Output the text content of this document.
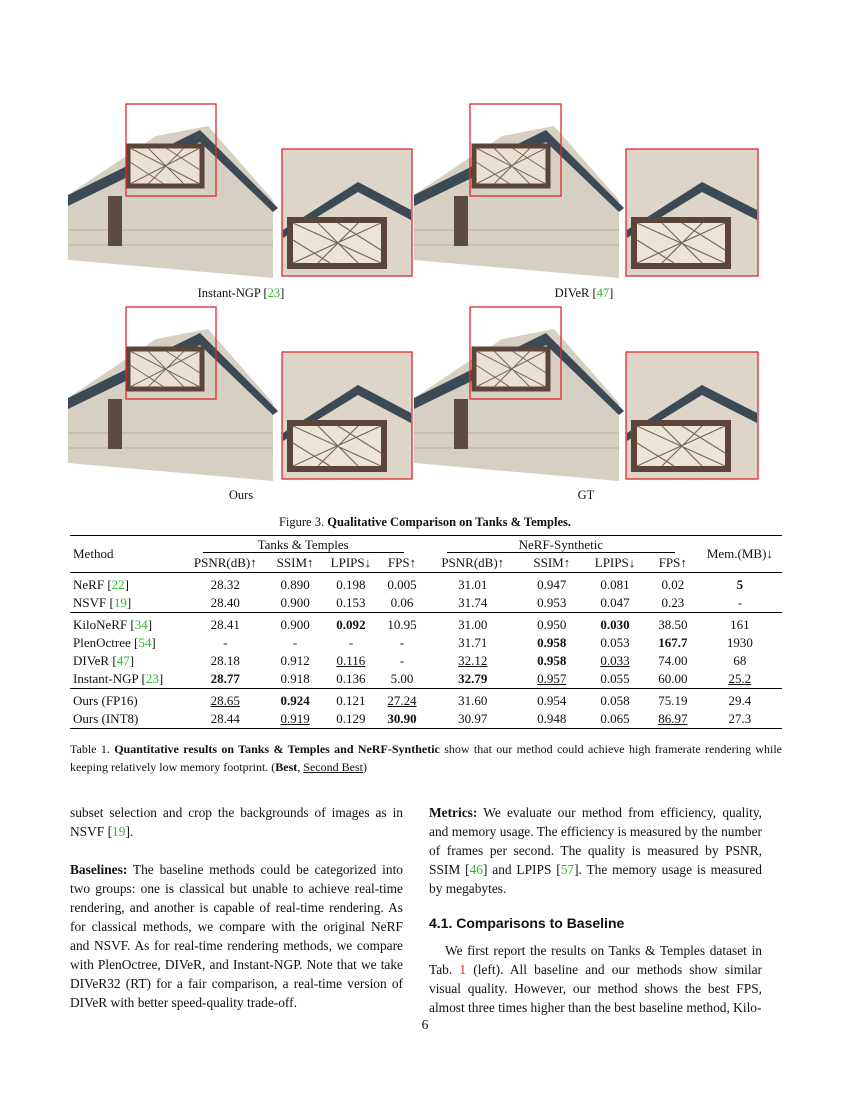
Instant-NGP [23]	DIVeR [47]
Ours	GT
Figure 3. Qualitative Comparison on Tanks & Temples.
Method	Tanks & Temples				NeRF-Synthetic				Mem.(MB)↓
	PSNR(dB)↑	SSIM↑	LPIPS↓	FPS↑	PSNR(dB)↑	SSIM↑	LPIPS↓	FPS↑	
NeRF [22]	28.32	0.890	0.198	0.005	31.01	0.947	0.081	0.02	5
NSVF [19]	28.40	0.900	0.153	0.06	31.74	0.953	0.047	0.23	-
KiloNeRF [34]	28.41	0.900	0.092	10.95	31.00	0.950	0.030	38.50	161
PlenOctree [54]	-	-	-	-	31.71	0.958	0.053	167.7	1930
DIVeR [47]	28.18	0.912	0.116	-	32.12	0.958	0.033	74.00	68
Instant-NGP [23]	28.77	0.918	0.136	5.00	32.79	0.957	0.055	60.00	25.2
Ours (FP16)	28.65	0.924	0.121	27.24	31.60	0.954	0.058	75.19	29.4
Ours (INT8)	28.44	0.919	0.129	30.90	30.97	0.948	0.065	86.97	27.3
Table 1. Quantitative results on Tanks & Temples and NeRF-Synthetic show that our method could achieve high framerate rendering while keeping relatively low memory footprint. (Best, Second Best)

subset selection and crop the backgrounds of images as in NSVF [19].

Baselines: The baseline methods could be categorized into two groups: one is classical but unable to achieve real-time rendering, and another is capable of real-time rendering. As for classical methods, we compare with the original NeRF and NSVF. As for real-time rendering methods, we compare with PlenOctree, DIVeR, and Instant-NGP. Note that we take DIVeR32 (RT) for a fair comparison, a real-time version of DIVeR with better speed-quality trade-off.

Metrics: We evaluate our method from efficiency, quality, and memory usage. The efficiency is measured by the number of frames per second. The quality is measured by PSNR, SSIM [46] and LPIPS [57]. The memory usage is measured by megabytes.

4.1. Comparisons to Baseline

We first report the results on Tanks & Temples dataset in Tab. 1 (left). All baseline and our methods show similar visual quality. However, our method shows the best FPS, almost three times higher than the best baseline method, Kilo-

6
